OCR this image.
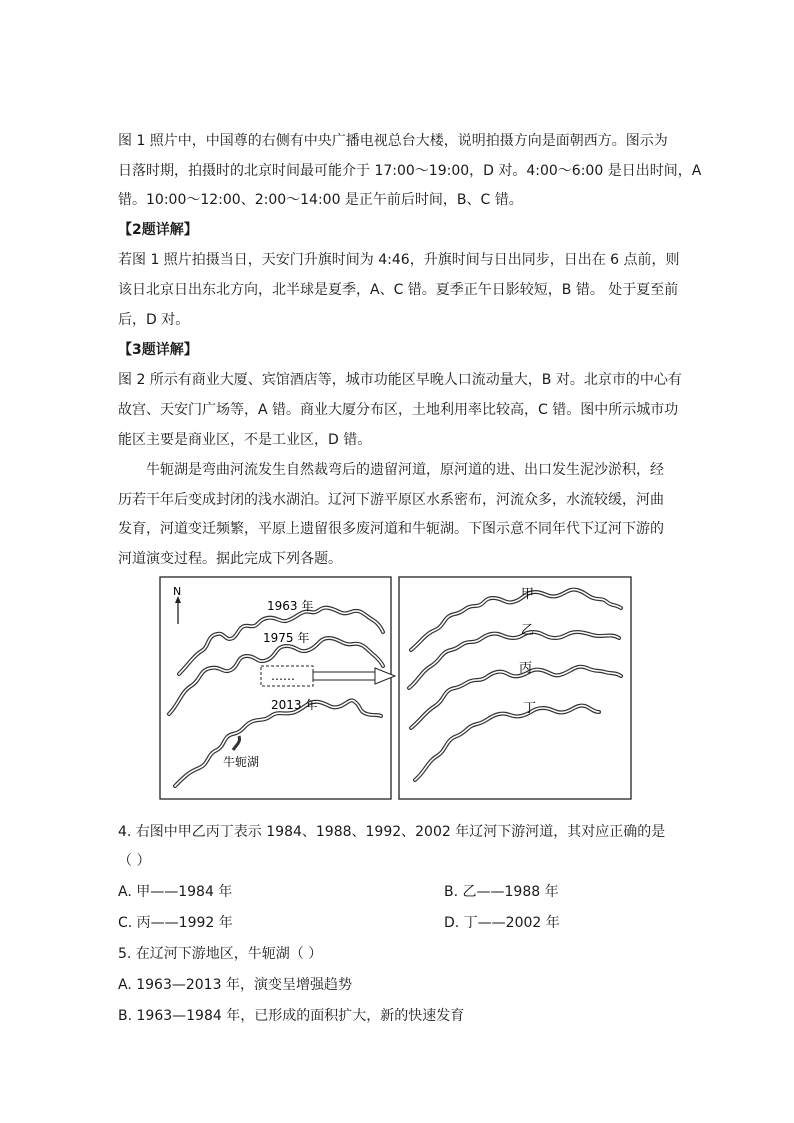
图 1 照片中，中国尊的右侧有中央广播电视总台大楼，说明拍摄方向是面朝西方。图示为
日落时期，拍摄时的北京时间最可能介于 17:00～19:00，D 对。4:00～6:00 是日出时间，A
错。10:00～12:00、2:00～14:00 是正午前后时间，B、C 错。
【2题详解】
若图 1 照片拍摄当日，天安门升旗时间为 4:46，升旗时间与日出同步，日出在 6 点前，则
该日北京日出东北方向，北半球是夏季，A、C 错。夏季正午日影较短，B 错。 处于夏至前
后，D 对。
【3题详解】
图 2 所示有商业大厦、宾馆酒店等，城市功能区早晚人口流动量大，B 对。北京市的中心有
故宫、天安门广场等，A 错。商业大厦分布区，土地利用率比较高，C 错。图中所示城市功
能区主要是商业区，不是工业区，D 错。
牛轭湖是弯曲河流发生自然裁弯后的遗留河道，原河道的进、出口发生泥沙淤积，经
历若干年后变成封闭的浅水湖泊。辽河下游平原区水系密布，河流众多，水流较缓，河曲
发育，河道变迁频繁，平原上遗留很多废河道和牛轭湖。下图示意不同年代下辽河下游的
河道演变过程。据此完成下列各题。
N
1963 年
1975 年
……
2013 年
牛轭湖
甲
乙
丙
丁
4. 右图中甲乙丙丁表示 1984、1988、1992、2002 年辽河下游河道，其对应正确的是
（ ）
A. 甲——1984 年	B. 乙——1988 年
C. 丙——1992 年	D. 丁——2002 年
5. 在辽河下游地区，牛轭湖（ ）
A. 1963—2013 年，演变呈增强趋势
B. 1963—1984 年，已形成的面积扩大，新的快速发育
